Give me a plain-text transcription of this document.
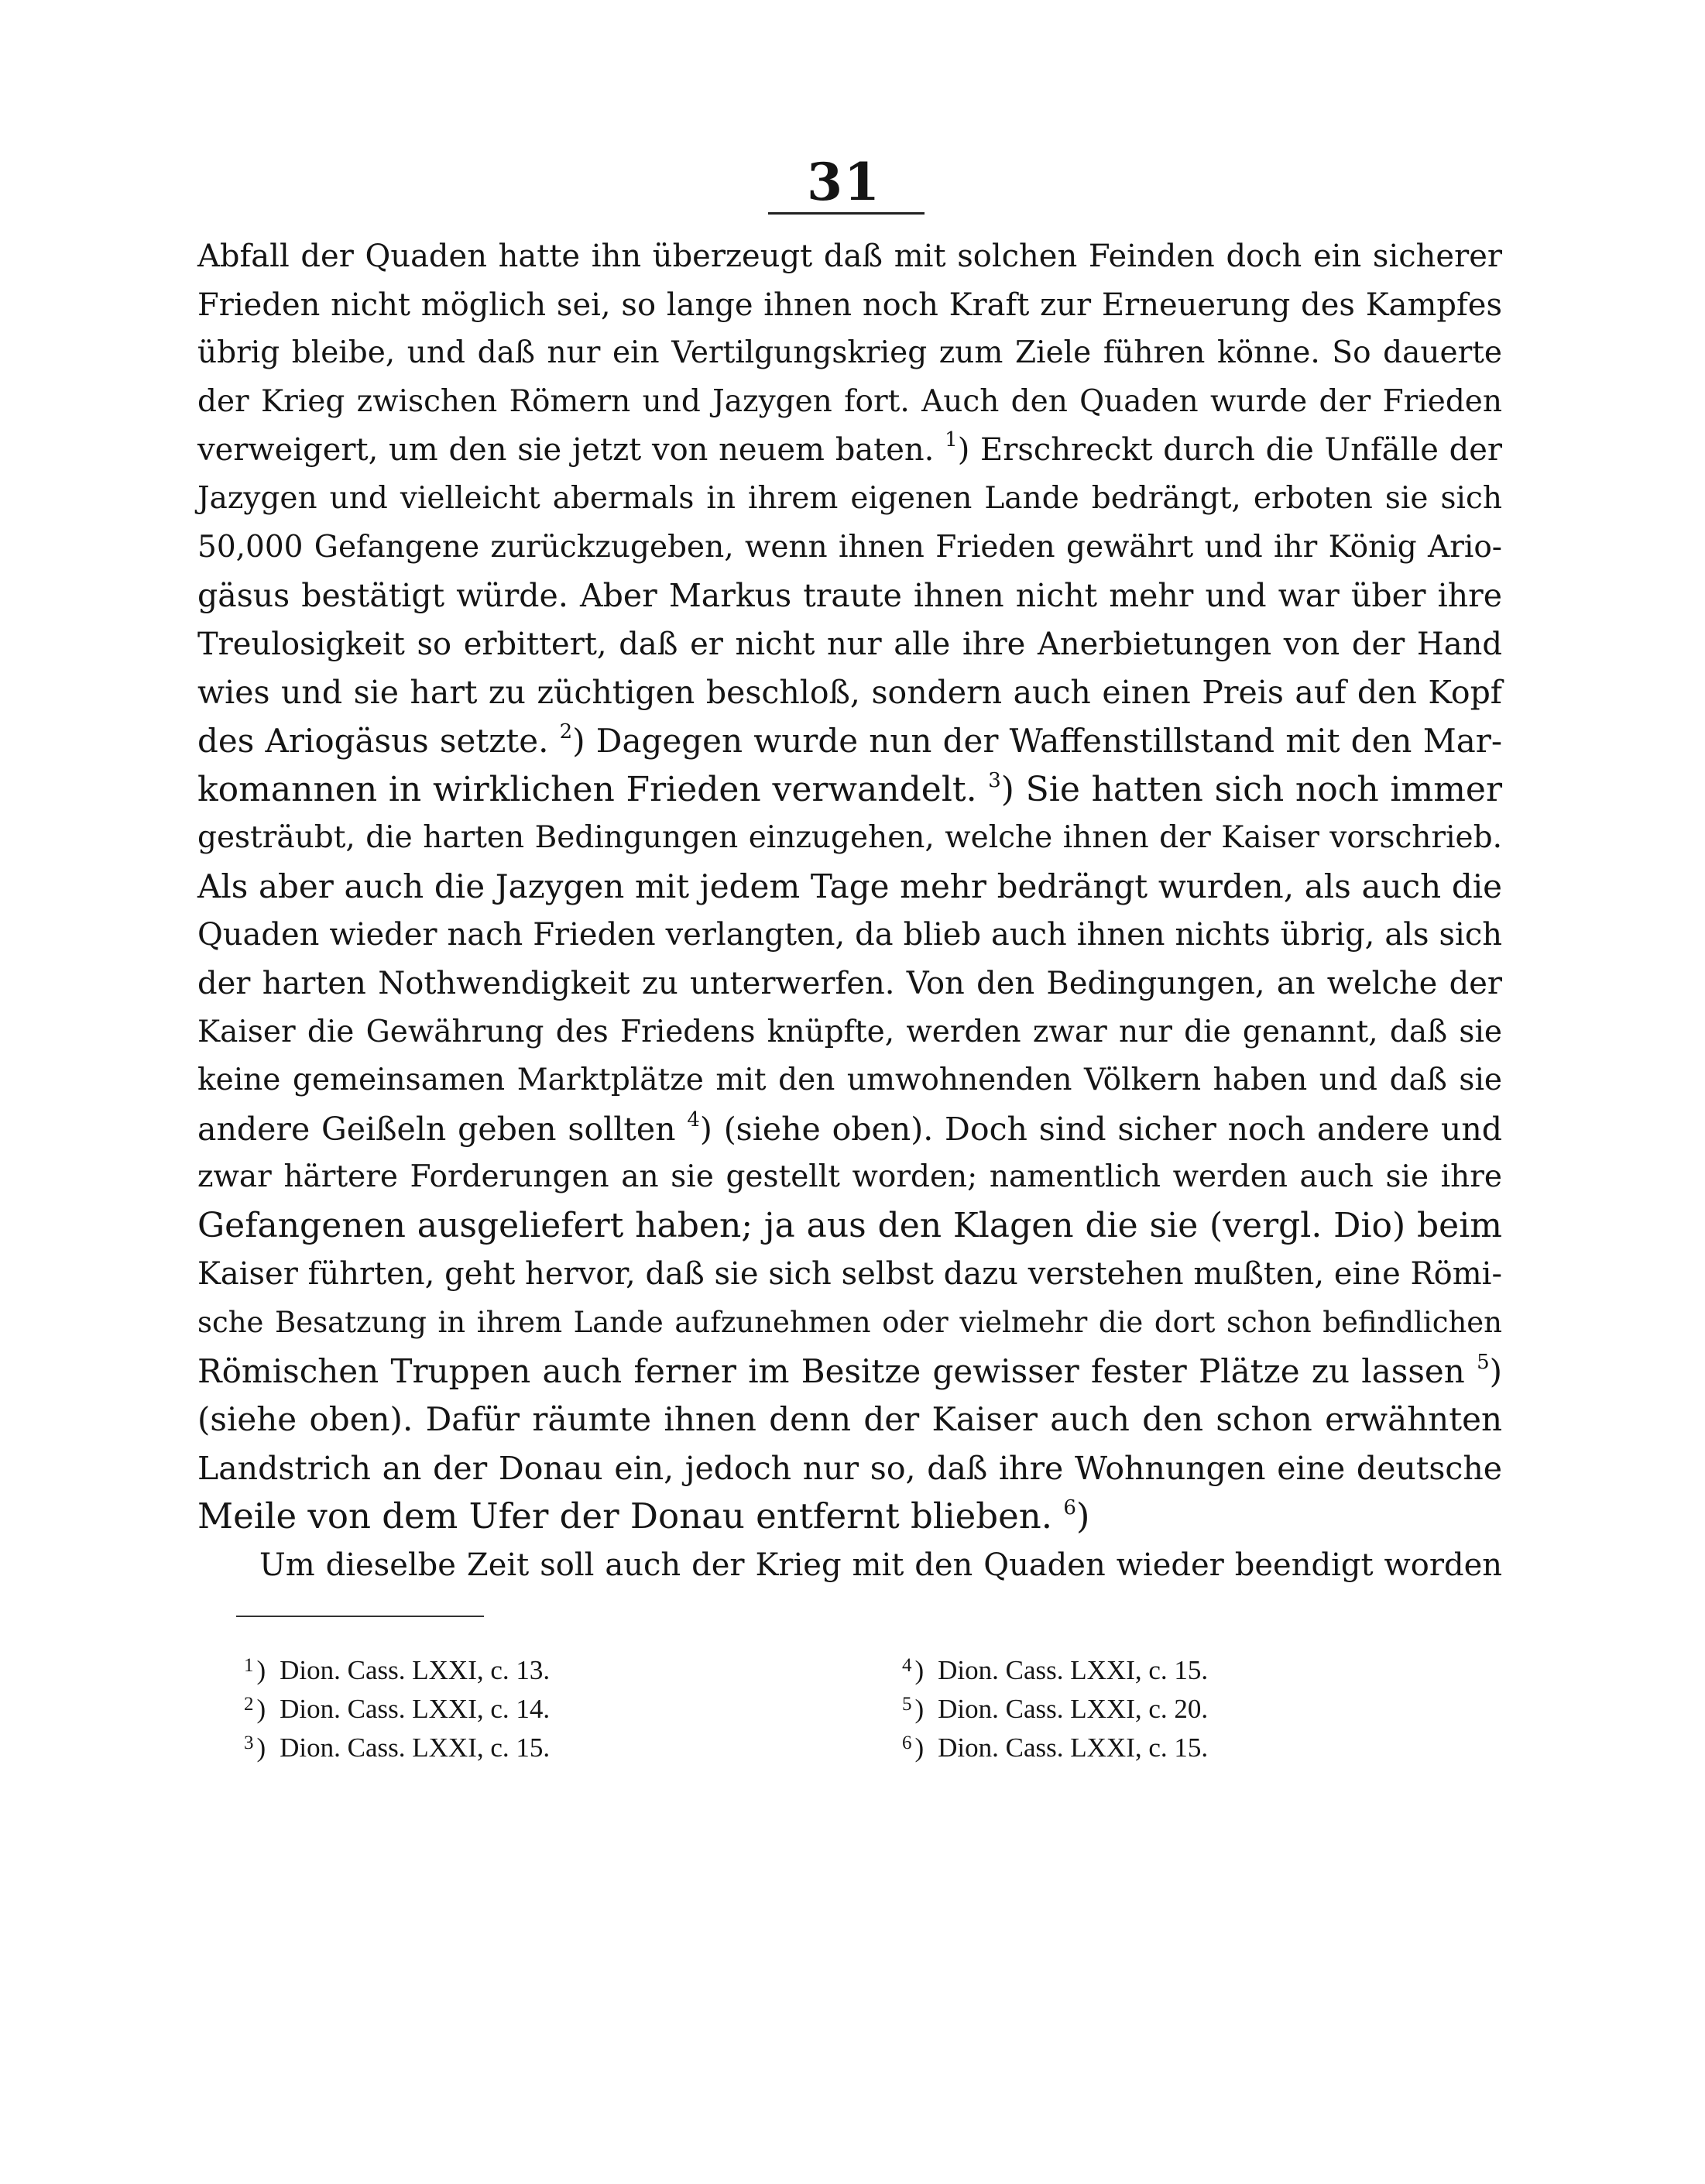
31
Abfall der Quaden hatte ihn überzeugt daß mit solchen Feinden doch ein sicherer
Frieden nicht möglich sei, so lange ihnen noch Kraft zur Erneuerung des Kampfes
übrig bleibe, und daß nur ein Vertilgungskrieg zum Ziele führen könne. So dauerte
der Krieg zwischen Römern und Jazygen fort. Auch den Quaden wurde der Frieden
verweigert, um den sie jetzt von neuem baten. $^1$) Erschreckt durch die Unfälle der
Jazygen und vielleicht abermals in ihrem eigenen Lande bedrängt, erboten sie sich
50,000 Gefangene zurückzugeben, wenn ihnen Frieden gewährt und ihr König Ario-
gäsus bestätigt würde. Aber Markus traute ihnen nicht mehr und war über ihre
Treulosigkeit so erbittert, daß er nicht nur alle ihre Anerbietungen von der Hand
wies und sie hart zu züchtigen beschloß, sondern auch einen Preis auf den Kopf
des Ariogäsus setzte. $^2$) Dagegen wurde nun der Waffenstillstand mit den Mar-
komannen in wirklichen Frieden verwandelt. $^3$) Sie hatten sich noch immer
gesträubt, die harten Bedingungen einzugehen, welche ihnen der Kaiser vorschrieb.
Als aber auch die Jazygen mit jedem Tage mehr bedrängt wurden, als auch die
Quaden wieder nach Frieden verlangten, da blieb auch ihnen nichts übrig, als sich
der harten Nothwendigkeit zu unterwerfen. Von den Bedingungen, an welche der
Kaiser die Gewährung des Friedens knüpfte, werden zwar nur die genannt, daß sie
keine gemeinsamen Marktplätze mit den umwohnenden Völkern haben und daß sie
andere Geißeln geben sollten $^4$) (siehe oben). Doch sind sicher noch andere und
zwar härtere Forderungen an sie gestellt worden; namentlich werden auch sie ihre
Gefangenen ausgeliefert haben; ja aus den Klagen die sie (vergl. Dio) beim
Kaiser führten, geht hervor, daß sie sich selbst dazu verstehen mußten, eine Römi-
sche Besatzung in ihrem Lande aufzunehmen oder vielmehr die dort schon befindlichen
Römischen Truppen auch ferner im Besitze gewisser fester Plätze zu lassen $^5$)
(siehe oben). Dafür räumte ihnen denn der Kaiser auch den schon erwähnten
Landstrich an der Donau ein, jedoch nur so, daß ihre Wohnungen eine deutsche
Meile von dem Ufer der Donau entfernt blieben. $^6$)
Um dieselbe Zeit soll auch der Krieg mit den Quaden wieder beendigt worden
1 ) Dion. Cass. LXXI, c. 13.
2 ) Dion. Cass. LXXI, c. 14.
3 ) Dion. Cass. LXXI, c. 15.
4 ) Dion. Cass. LXXI, c. 15.
5 ) Dion. Cass. LXXI, c. 20.
6 ) Dion. Cass. LXXI, c. 15.
